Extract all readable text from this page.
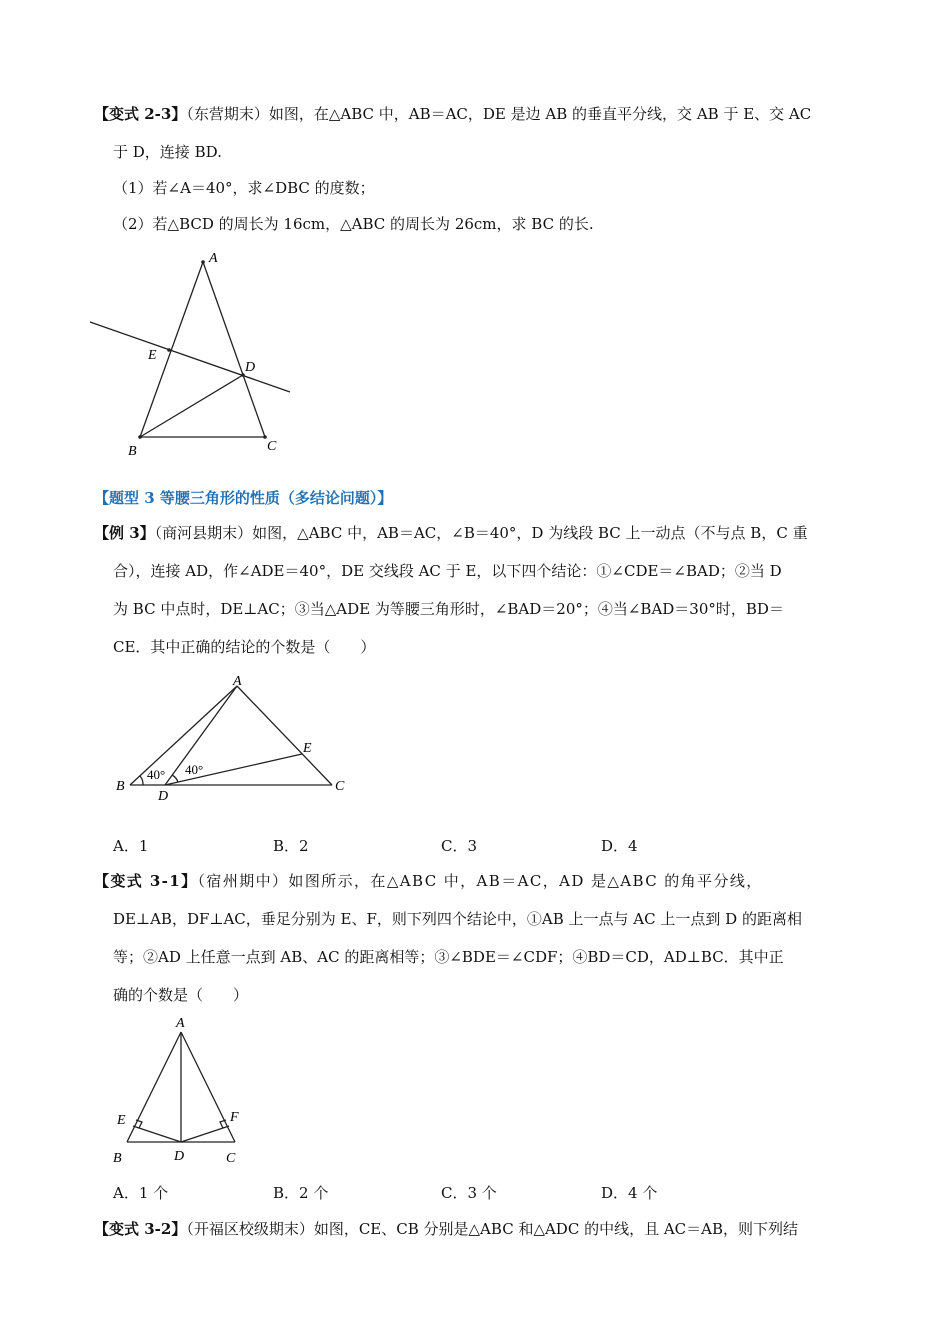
【变式 2-3】（东营期末）如图，在△ABC 中，AB＝AC，DE 是边 AB 的垂直平分线，交 AB 于 E、交 AC
于 D，连接 BD.
（1）若∠A＝40°，求∠DBC 的度数；
（2）若△BCD 的周长为 16cm，△ABC 的周长为 26cm，求 BC 的长.
A
E
D
B	C
【题型 3 等腰三角形的性质（多结论问题）】
【例 3】（商河县期末）如图，△ABC 中，AB＝AC，∠B＝40°，D 为线段 BC 上一动点（不与点 B，C 重
合），连接 AD，作∠ADE＝40°，DE 交线段 AC 于 E，以下四个结论：①∠CDE＝∠BAD；②当 D
为 BC 中点时，DE⊥AC；③当△ADE 为等腰三角形时，∠BAD＝20°；④当∠BAD＝30°时，BD＝
CE．其中正确的结论的个数是（　　）
A
B
D
E
C
40° 40°
A．1	B．2	C．3	D．4
【变式 3-1】（宿州期中）如图所示，在△ABC 中，AB＝AC，AD 是△ABC 的角平分线，
DE⊥AB，DF⊥AC，垂足分别为 E、F，则下列四个结论中，①AB 上一点与 AC 上一点到 D 的距离相
等；②AD 上任意一点到 AB、AC 的距离相等；③∠BDE＝∠CDF；④BD＝CD，AD⊥BC．其中正
确的个数是（　　）
A
E	F
B	D	C
A．1 个	B．2 个	C．3 个	D．4 个
【变式 3-2】（开福区校级期末）如图，CE、CB 分别是△ABC 和△ADC 的中线，且 AC＝AB，则下列结
